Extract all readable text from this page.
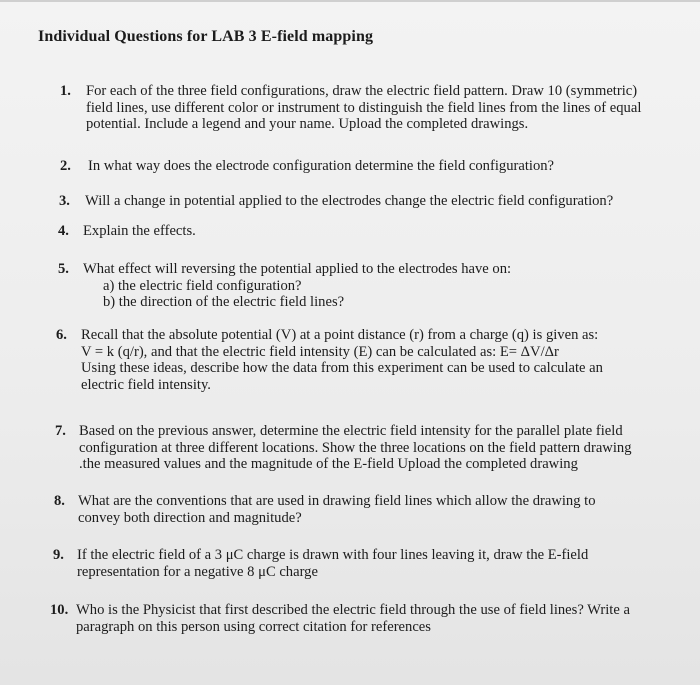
Individual Questions for LAB 3 E-field mapping
1. For each of the three field configurations, draw the electric field pattern. Draw 10 (symmetric)
field lines, use different color or instrument to distinguish the field lines from the lines of equal
potential. Include a legend and your name. Upload the completed drawings.
2. In what way does the electrode configuration determine the field configuration?
3. Will a change in potential applied to the electrodes change the electric field configuration?
4. Explain the effects.
5. What effect will reversing the potential applied to the electrodes have on:
a) the electric field configuration?
b) the direction of the electric field lines?
6. Recall that the absolute potential (V) at a point distance (r) from a charge (q) is given as:
V = k (q/r), and that the electric field intensity (E) can be calculated as: E= ΔV/Δr
Using these ideas, describe how the data from this experiment can be used to calculate an
electric field intensity.
7. Based on the previous answer, determine the electric field intensity for the parallel plate field
configuration at three different locations. Show the three locations on the field pattern drawing
.the measured values and the magnitude of the E-field Upload the completed drawing
8. What are the conventions that are used in drawing field lines which allow the drawing to
convey both direction and magnitude?
9. If the electric field of a 3 μC charge is drawn with four lines leaving it, draw the E-field
representation for a negative 8 μC charge
10. Who is the Physicist that first described the electric field through the use of field lines? Write a
paragraph on this person using correct citation for references
